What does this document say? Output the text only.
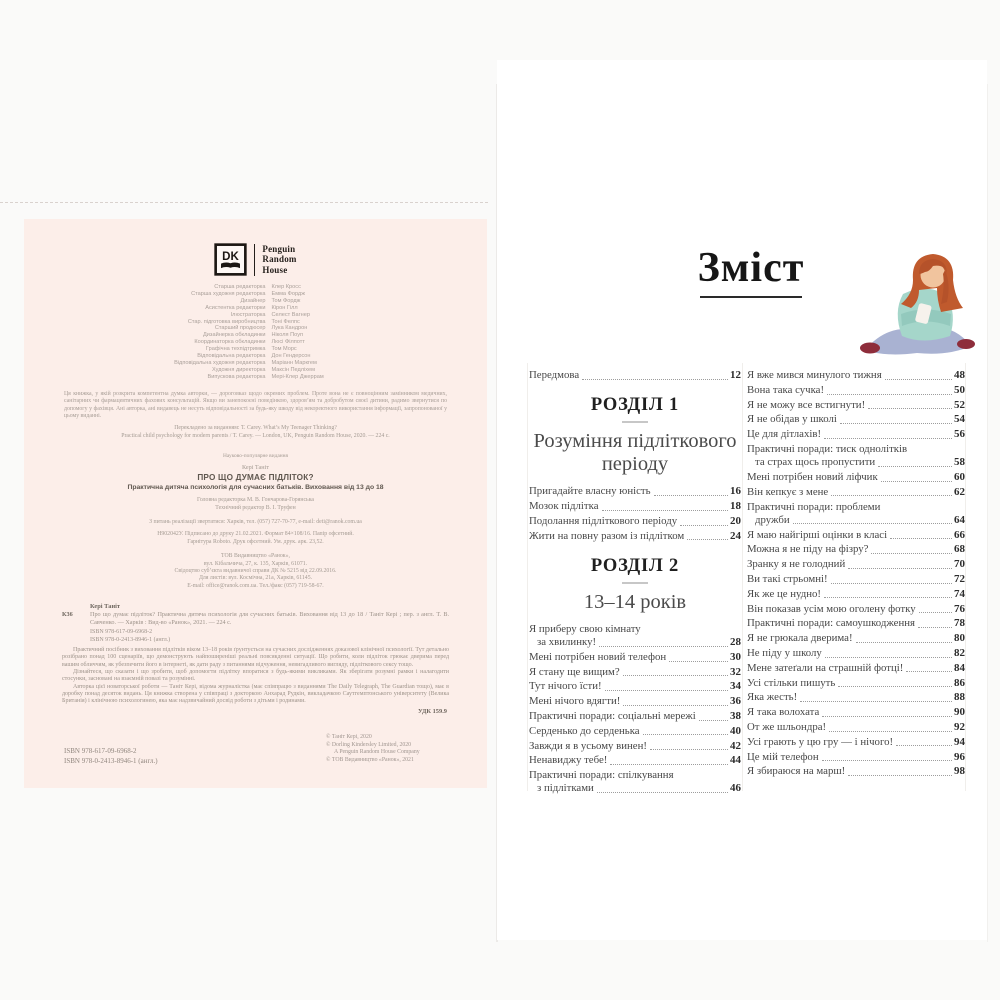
DK
Penguin
Random
House
Старша редакторка Клер Кросс
Старша художня редакторка Емма Фордж
Дизайнер Том Фордж
Асистентка редакторки Кірон Гілл
Ілюстраторка Селест Вагнер
Стар. підготовка виробництва Тоні Фелпс
Старший продюсер Лука Кандрон
Дизайнерка обкладинки Ніколя Поуп
Координаторка обкладинки Люсі Філпотт
Графічна техпідтримка Том Морс
Відповідальна редакторка Дон Гендерсон
Відповідальна художня редакторка Маріанн Маркгем
Художня директорка Максін Педліхем
Випускова редакторка Мері-Клер Джеррам

Ця книжка, у якій розкрита компетентна думка авторки, — дороговказ щодо окремих проблем. Проте вона не є повноцінним замінником медичних, санітарних чи фармацевтичних фахових консультацій. Якщо ви занепокоєні поведінкою, здоров’ям та добробутом своєї дитини, радимо звернутися по допомогу у фахівця. Ані авторка, ані видавець не несуть відповідальності за будь-яку шкоду від некоректного використання інформації, запропонованої у цьому виданні.

Перекладено за виданням: T. Carey. What’s My Teenager Thinking?
Practical child psychology for modern parents / T. Carey. — London, UK, Penguin Random House, 2020. — 224 с.
Науково-популярне видання
Кері Таніт
ПРО ЩО ДУМАЄ ПІДЛІТОК?
Практична дитяча психологія для сучасних батьків. Виховання від 13 до 18
Головна редакторка М. В. Гончарова-Горянська
Технічний редактор В. І. Труфен
З питань реалізації звертатися: Харків, тел. (057) 727-70-77, e-mail: deti@ranok.com.ua
Н902042У. Підписано до друку 21.02.2021. Формат 84×108/16. Папір офсетний.
Гарнітура Roboto. Друк офсетний. Ум. друк. арк. 23,52.
ТОВ Видавництво «Ранок»,
вул. Кібальчича, 27, к. 135, Харків, 61071.
Свідоцтво суб’єкта видавничої справи ДК № 5215 від 22.09.2016.
Для листів: вул. Космічна, 21а, Харків, 61145.
E-mail: office@ranok.com.ua. Тел./факс (057) 719-58-67.
Кері Таніт
К36	Про що думає підліток? Практична дитяча психологія для сучасних батьків. Виховання від 13 до 18 / Таніт Кері ; пер. з англ. Т. В. Савченко. — Харків : Вид-во «Ранок», 2021. — 224 с.
ISBN 978-617-09-6968-2
ISBN 978-0-2413-8946-1 (англ.)
Практичний посібник з виховання підлітків віком 13–18 років ґрунтується на сучасних дослідженнях доказової клінічної психології. Тут детально розібрано понад 100 сценаріїв, що демонструють найпоширеніші реальні повсякденні ситуації. Що робити, коли підліток грюкає дверима перед вашим обличчям, як убезпечити його в інтернеті, як дати раду з питаннями відчуження, невигадливого вигляду, підліткового сексу тощо.
Дізнайтеся, що сказати і що зробити, щоб допомогти підлітку впоратися з будь-якими викликами. Як зберігати розумні рамки і налагодити стосунки, засновані на взаємній повазі та розумінні.
Авторка цієї новаторської роботи — Таніт Кері, відома журналістка (має співпрацю з виданнями The Daily Telegraph, The Guardian тощо), має в доробку понад десяток видань. Ця книжка створена у співпраці з докторкою Анхарад Рудкін, викладачкою Саутгемптонського університету (Велика Британія) і клінічною психологинею, яка має надзвичайний досвід роботи з дітьми і родинами.
УДК 159.9
ISBN 978-617-09-6968-2
ISBN 978-0-2413-8946-1 (англ.)
© Таніт Кері, 2020
© Dorling Kindersley Limited, 2020
A Penguin Random House Company
© ТОВ Видавництво «Ранок», 2021
Зміст
Передмова	12
РОЗДІЛ 1
Розуміння підліткового періоду
Пригадайте власну юність	16
Мозок підлітка	18
Подолання підліткового періоду	20
Жити на повну разом із підлітком	24
РОЗДІЛ 2
13–14 років
Я приберу свою кімнату
за хвилинку!	28
Мені потрібен новий телефон	30
Я стану ще вищим?	32
Тут нічого їсти!	34
Мені нічого вдягти!	36
Практичні поради: соціальні мережі	38
Серденько до серденька	40
Завжди я в усьому винен!	42
Ненавиджу тебе!	44
Практичні поради: спілкування
з підлітками	46
Я вже мився минулого тижня	48
Вона така сучка!	50
Я не можу все встигнути!	52
Я не обідав у школі	54
Це для дітлахів!	56
Практичні поради: тиск однолітків
та страх щось пропустити	58
Мені потрібен новий ліфчик	60
Він кепкує з мене	62
Практичні поради: проблеми
дружби	64
Я маю найгірші оцінки в класі	66
Можна я не піду на фізру?	68
Зранку я не голодний	70
Ви такі стрьомні!	72
Як же це нудно!	74
Він показав усім мою оголену фотку	76
Практичні поради: самоушкодження	78
Я не грюкала дверима!	80
Не піду у школу	82
Мене затеґали на страшній фотці!	84
Усі стільки пишуть	86
Яка жесть!	88
Я така волохата	90
От же шльондра!	92
Усі грають у цю гру — і нічого!	94
Це мій телефон	96
Я збираюся на марш!	98
